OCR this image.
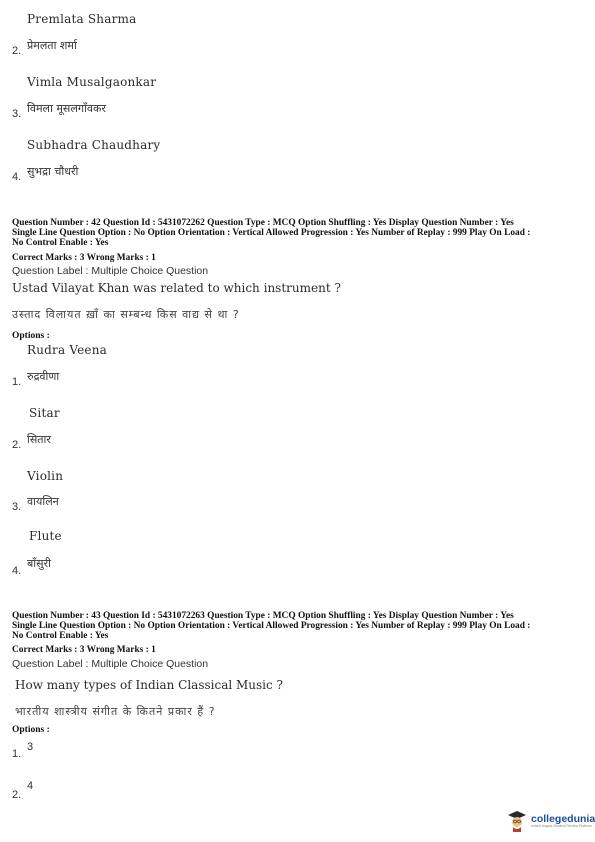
Premlata Sharma
2. प्रेमलता शर्मा
Vimla Musalgaonkar
3. विमला मूसलगाँवकर
Subhadra Chaudhary
4. सुभद्रा चौधरी
Question Number : 42 Question Id : 5431072262 Question Type : MCQ Option Shuffling : Yes Display Question Number : Yes
Single Line Question Option : No Option Orientation : Vertical Allowed Progression : Yes Number of Replay : 999 Play On Load :
No Control Enable : Yes
Correct Marks : 3 Wrong Marks : 1
Question Label : Multiple Choice Question
Ustad Vilayat Khan was related to which instrument ?
उस्ताद विलायत ख़ाँ का सम्बन्ध किस वाद्य से था ?
Options :
Rudra Veena
1. रुद्रवीणा
Sitar
2. सितार
Violin
3. वायलिन
Flute
4.
बाँसुरी
Question Number : 43 Question Id : 5431072263 Question Type : MCQ Option Shuffling : Yes Display Question Number : Yes
Single Line Question Option : No Option Orientation : Vertical Allowed Progression : Yes Number of Replay : 999 Play On Load :
No Control Enable : Yes
Correct Marks : 3 Wrong Marks : 1
Question Label : Multiple Choice Question
How many types of Indian Classical Music ?
भारतीय शास्त्रीय संगीत के कितने प्रकार हैं ?
Options :
1.
3
2.
4
collegedunia
India's largest Student Review Platform
